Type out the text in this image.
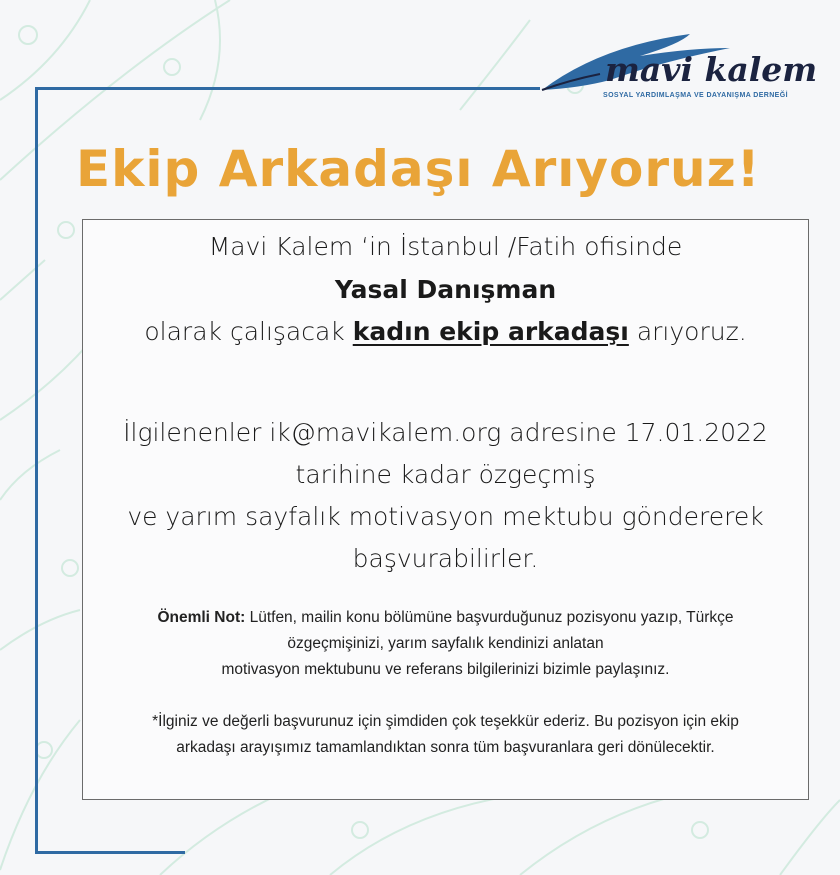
mavi kalem
SOSYAL YARDIMLAŞMA VE DAYANIŞMA DERNEĞİ
Ekip Arkadaşı Arıyoruz!
Mavi Kalem ‘in İstanbul /Fatih ofisinde
Yasal Danışman
olarak çalışacak kadın ekip arkadaşı arıyoruz.
İlgilenenler ik@mavikalem.org adresine 17.01.2022
tarihine kadar özgeçmiş
ve yarım sayfalık motivasyon mektubu göndererek
başvurabilirler.
Önemli Not: Lütfen, mailin konu bölümüne başvurduğunuz pozisyonu yazıp, Türkçe
özgeçmişinizi, yarım sayfalık kendinizi anlatan
motivasyon mektubunu ve referans bilgilerinizi bizimle paylaşınız.
*İlginiz ve değerli başvurunuz için şimdiden çok teşekkür ederiz. Bu pozisyon için ekip
arkadaşı arayışımız tamamlandıktan sonra tüm başvuranlara geri dönülecektir.
